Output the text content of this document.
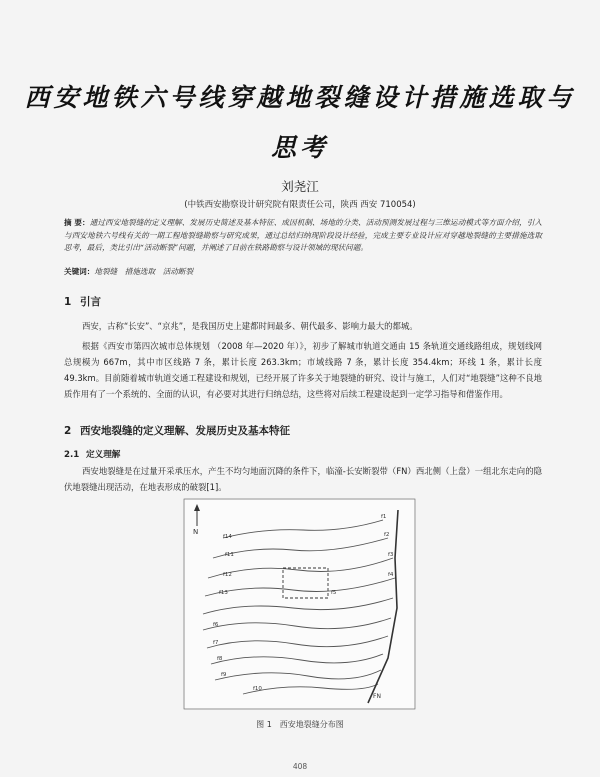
西安地铁六号线穿越地裂缝设计措施选取与
思考
刘尧江
(中铁西安勘察设计研究院有限责任公司，陕西 西安 710054)
摘 要：通过西安地裂缝的定义理解、发展历史简述及基本特征、成因机制、场地的分类、活动预测发展过程与三维运动模式等方面介绍，引入与西安地铁六号线有关的一期工程地裂缝勘察与研究成果，通过总结归纳现阶段设计经验，完成主要专业设计应对穿越地裂缝的主要措施选取思考，最后，类比引出“活动断裂”问题，并阐述了目前在铁路勘察与设计领域的现状问题。
关键词：地裂缝　措施选取　活动断裂
1 引言
西安，古称“长安”、“京兆”，是我国历史上建都时间最多、朝代最多、影响力最大的都城。
根据《西安市第四次城市总体规划 （2008 年—2020 年）》，初步了解城市轨道交通由 15 条轨道交通线路组成，规划线网总规模为 667m，其中市区线路 7 条，累计长度 263.3km；市域线路 7 条，累计长度 354.4km；环线 1 条，累计长度 49.3km。目前随着城市轨道交通工程建设和规划，已经开展了许多关于地裂缝的研究、设计与施工，人们对“地裂缝”这种不良地质作用有了一个系统的、全面的认识，有必要对其进行归纳总结，这些将对后续工程建设起到一定学习指导和借鉴作用。
2 西安地裂缝的定义理解、发展历史及基本特征
2.1 定义理解
西安地裂缝是在过量开采承压水，产生不均匀地面沉降的条件下，临潼-长安断裂带（FN）西北侧（上盘）一组北东走向的隐伏地裂缝出现活动，在地表形成的破裂[1]。
N
FN
f1
f2
f3
f4
f5
f6
f7
f8
f9
f10
f11
f12
f13
f14
图 1　西安地裂缝分布图
408
